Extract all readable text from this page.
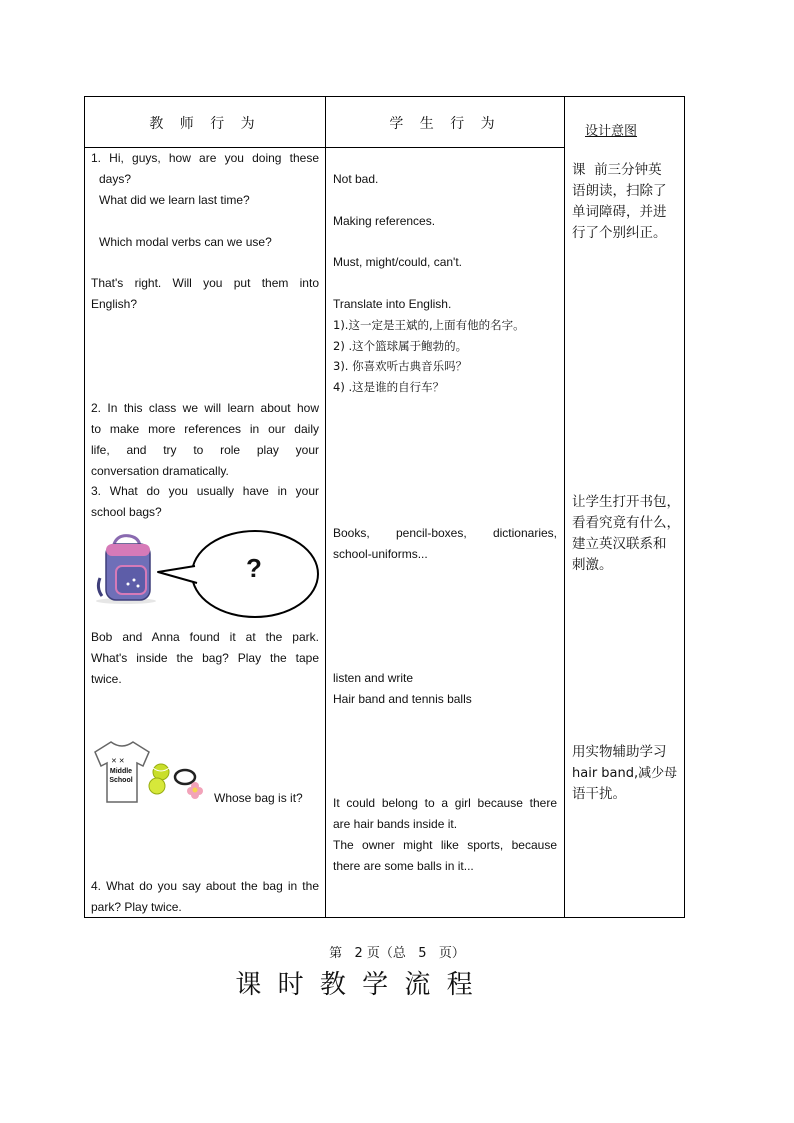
教 师 行 为	学 生 行 为	设计意图
1. Hi, guys, how are you doing these
days?
What did we learn last time?
Which modal verbs can we use?
That's right. Will you put them into
English?
2. In this class we will learn about how
to make more references in our daily
life, and try to role play your
conversation dramatically.
3. What do you usually have in your
school bags?
?
Bob and Anna found it at the park.
What's inside the bag? Play the tape
twice.
✕ ✕
Middle
School
Whose bag is it?
4. What do you say about the bag in the
park? Play twice.
Not bad.
Making references.
Must, might/could, can't.
Translate into English.
1).这一定是王斌的,上面有他的名字。
2) .这个篮球属于鲍勃的。
3). 你喜欢听古典音乐吗？
4) .这是谁的自行车？
Books,      pencil-boxes,      dictionaries,
school-uniforms...
listen and write
Hair band and tennis balls
It could belong to a girl because there
are hair bands inside it.
The owner might like sports, because
there are some balls in it...
课  前三分钟英
语朗读，扫除了
单词障碍，并进
行了个别纠正。
让学生打开书包，
看看究竟有什么，
建立英汉联系和
刺激。
用实物辅助学习
hair band,减少母
语干扰。
第   2 页（总   5   页）
课 时 教 学 流 程
